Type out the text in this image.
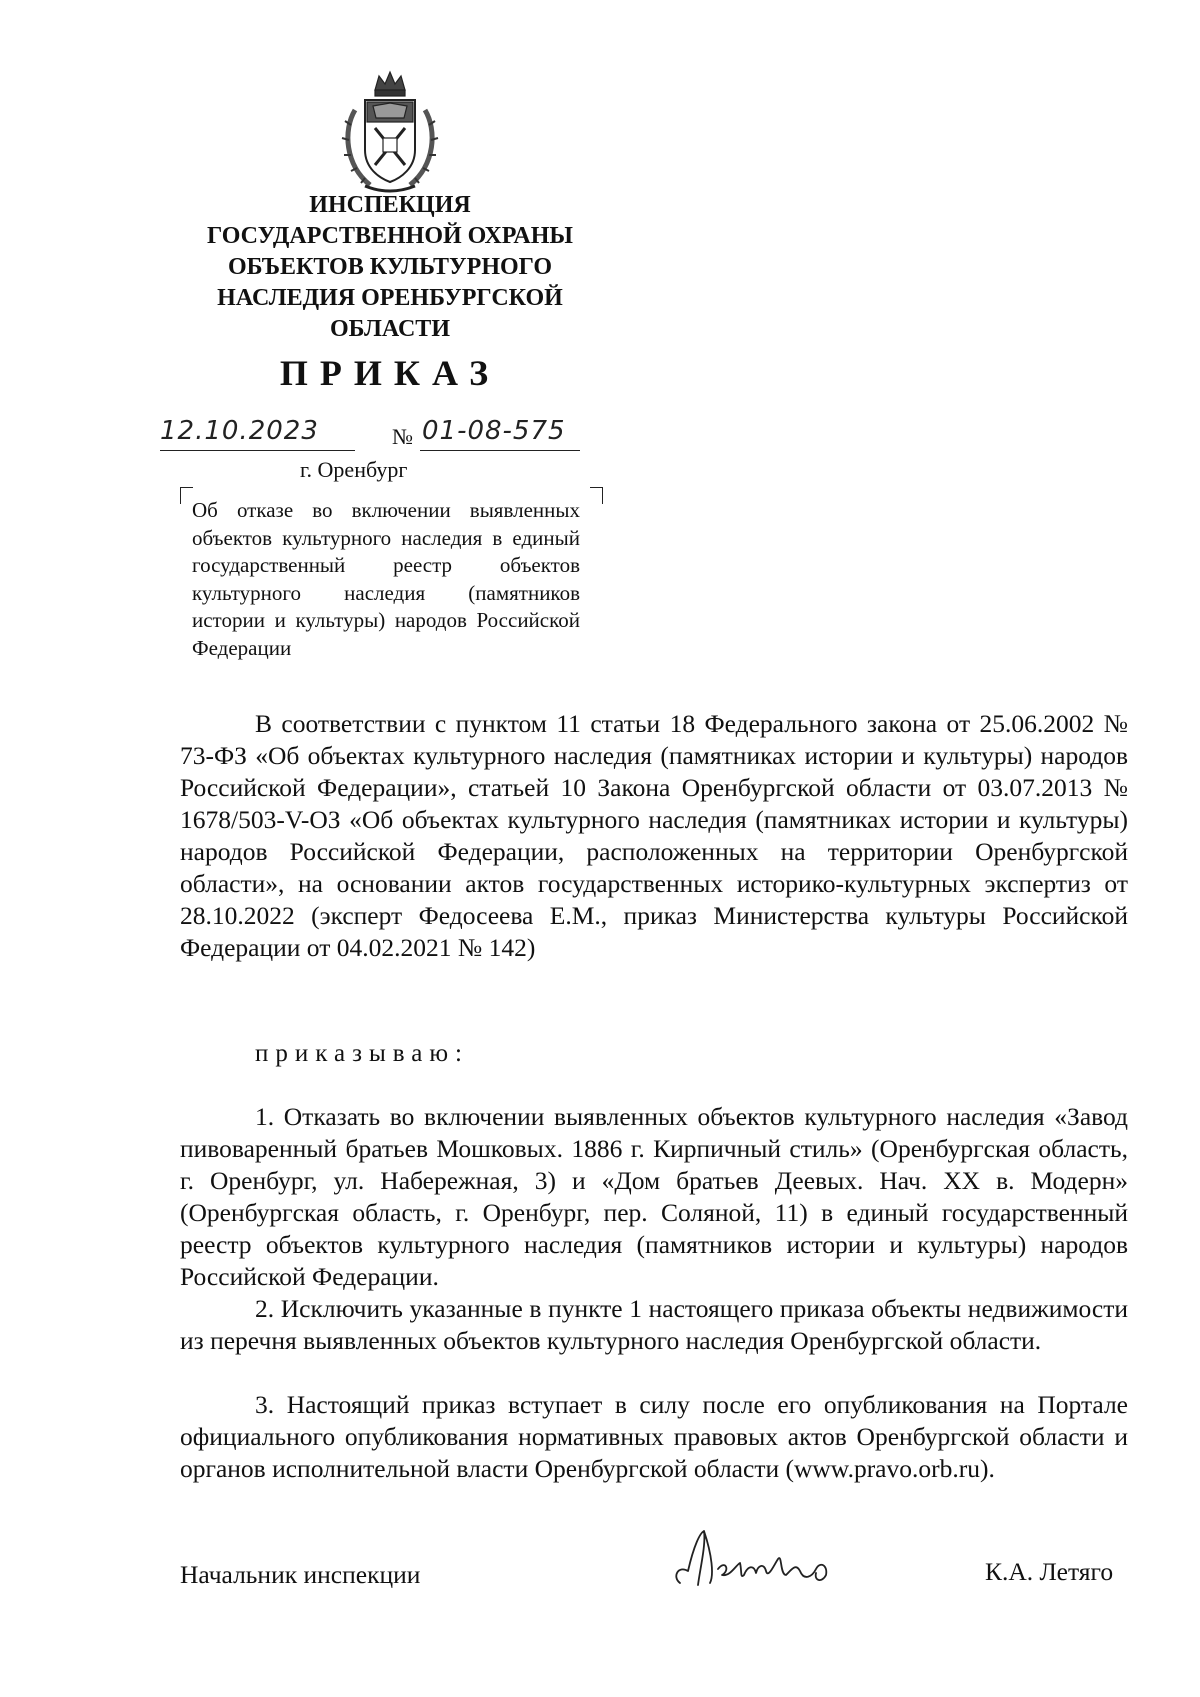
ИНСПЕКЦИЯ
ГОСУДАРСТВЕННОЙ ОХРАНЫ
ОБЪЕКТОВ КУЛЬТУРНОГО
НАСЛЕДИЯ ОРЕНБУРГСКОЙ
ОБЛАСТИ
ПРИКАЗ
12.10.2023	№ 01-08-575
г. Оренбург
Об отказе во включении выявленных объектов культурного наследия в единый государственный реестр объектов культурного наследия (памятников истории и культуры) народов Российской Федерации
В соответствии с пунктом 11 статьи 18 Федерального закона от 25.06.2002 № 73-ФЗ «Об объектах культурного наследия (памятниках истории и культуры) народов Российской Федерации», статьей 10 Закона Оренбургской области от 03.07.2013 № 1678/503-V-ОЗ «Об объектах культурного наследия (памятниках истории и культуры) народов Российской Федерации, расположенных на территории Оренбургской области», на основании актов государственных историко-культурных экспертиз от 28.10.2022 (эксперт Федосеева Е.М., приказ Министерства культуры Российской Федерации от 04.02.2021 № 142)
приказываю:
1. Отказать во включении выявленных объектов культурного наследия «Завод пивоваренный братьев Мошковых. 1886 г. Кирпичный стиль» (Оренбургская область, г. Оренбург, ул. Набережная, 3) и «Дом братьев Деевых. Нач. XX в. Модерн» (Оренбургская область, г. Оренбург, пер. Соляной, 11) в единый государственный реестр объектов культурного наследия (памятников истории и культуры) народов Российской Федерации.
2. Исключить указанные в пункте 1 настоящего приказа объекты недвижимости из перечня выявленных объектов культурного наследия Оренбургской области.
3. Настоящий приказ вступает в силу после его опубликования на Портале официального опубликования нормативных правовых актов Оренбургской области и органов исполнительной власти Оренбургской области (www.pravo.orb.ru).
Начальник инспекции	К.А. Летяго
